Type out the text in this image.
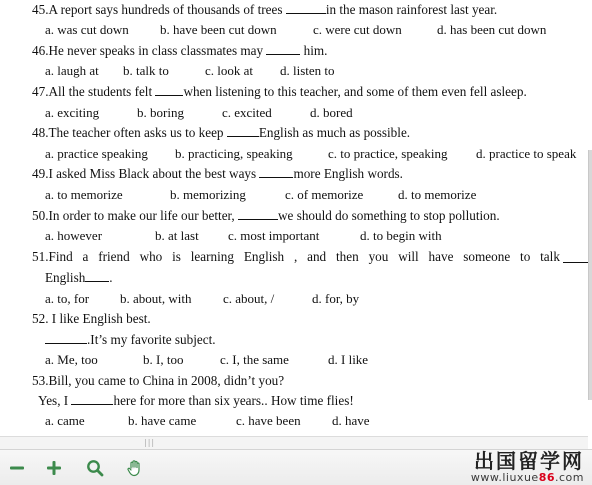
45.A report says hundreds of thousands of trees	in the mason rainforest last year.
a. was cut down b. have been cut down	c. were cut down	d. has been cut down
46.He never speaks in class classmates may	him.
a. laugh at b. talk to	c. look at d. listen to
47.All the students felt when listening to this teacher, and some of them even fell asleep.
a. exciting	b. boring	c. excited	d. bored
48.The teacher often asks us to keep English as much as possible.
a. practice speaking b. practicing, speaking	c. to practice, speaking d. practice to speak
49.I asked Miss Black about the best ways	more English words.
a. to memorize	b. memorizing	c. of memorize	d. to memorize
50.In order to make our life our better,	we should do something to stop pollution.
a. however	b. at last c. most important	d. to begin with
51.Find a friend who is learning English , and then you will have someone to talk
English .
a. to, for b. about, with c. about, /	d. for, by
52. I like English best.
.It’s my favorite subject.
a. Me, too	b. I, too	c. I, the same	d. I like
53.Bill, you came to China in 2008, didn’t you?
Yes, I	here for more than six years.. How time flies!
a. came	b. have came	c. have been d. have
|||
出国留学网
www.liuxue86.com
